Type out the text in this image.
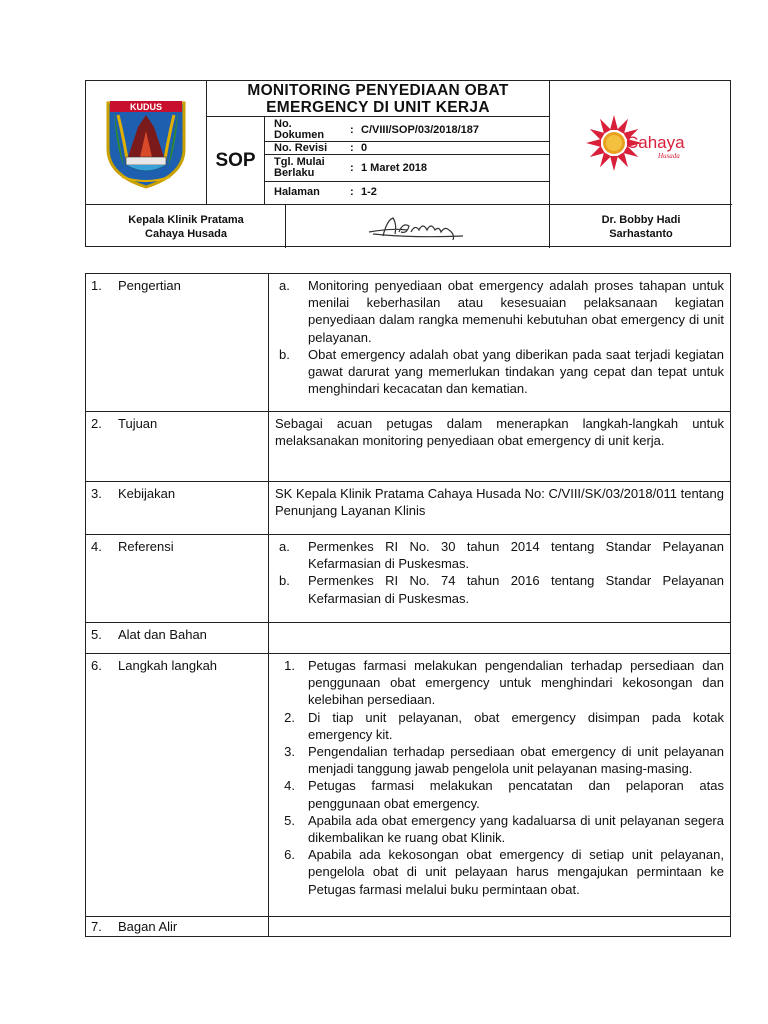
KUDUS
MONITORING PENYEDIAAN OBAT
EMERGENCY DI UNIT KERJA
SOP
No.
Dokumen : C/VIII/SOP/03/2018/187
No. Revisi : 0
Tgl. Mulai
Berlaku	: 1 Maret 2018
Halaman	: 1-2
Cahaya
Husada
Kepala Klinik Pratama
Cahaya Husada
Dr. Bobby Hadi
Sarhastanto
1. Pengertian	a.	Monitoring penyediaan obat emergency adalah proses tahapan untuk menilai keberhasilan atau kesesuaian pelaksanaan kegiatan penyediaan dalam rangka memenuhi kebutuhan obat emergency di unit pelayanan.
b.	Obat emergency adalah obat yang diberikan pada saat terjadi kegiatan gawat darurat yang memerlukan tindakan yang cepat dan tepat untuk menghindari kecacatan dan kematian.
2. Tujuan	Sebagai acuan petugas dalam menerapkan langkah-langkah untuk melaksanakan monitoring penyediaan obat emergency di unit kerja.
3. Kebijakan	SK Kepala Klinik Pratama Cahaya Husada No: C/VIII/SK/03/2018/011 tentang Penunjang Layanan Klinis
4. Referensi	a.	Permenkes RI No. 30 tahun 2014 tentang Standar Pelayanan Kefarmasian di Puskesmas.
b.	Permenkes RI No. 74 tahun 2016 tentang Standar Pelayanan Kefarmasian di Puskesmas.
5. Alat dan Bahan
6. Langkah langkah	1. Petugas farmasi melakukan pengendalian terhadap persediaan dan penggunaan obat emergency untuk menghindari kekosongan dan kelebihan persediaan.
2. Di tiap unit pelayanan, obat emergency disimpan pada kotak emergency kit.
3. Pengendalian terhadap persediaan obat emergency di unit pelayanan menjadi tanggung jawab pengelola unit pelayanan masing-masing.
4. Petugas farmasi melakukan pencatatan dan pelaporan atas penggunaan obat emergency.
5. Apabila ada obat emergency yang kadaluarsa di unit pelayanan segera dikembalikan ke ruang obat Klinik.
6. Apabila ada kekosongan obat emergency di setiap unit pelayanan, pengelola obat di unit pelayaan harus mengajukan permintaan ke Petugas farmasi melalui buku permintaan obat.
7. Bagan Alir
